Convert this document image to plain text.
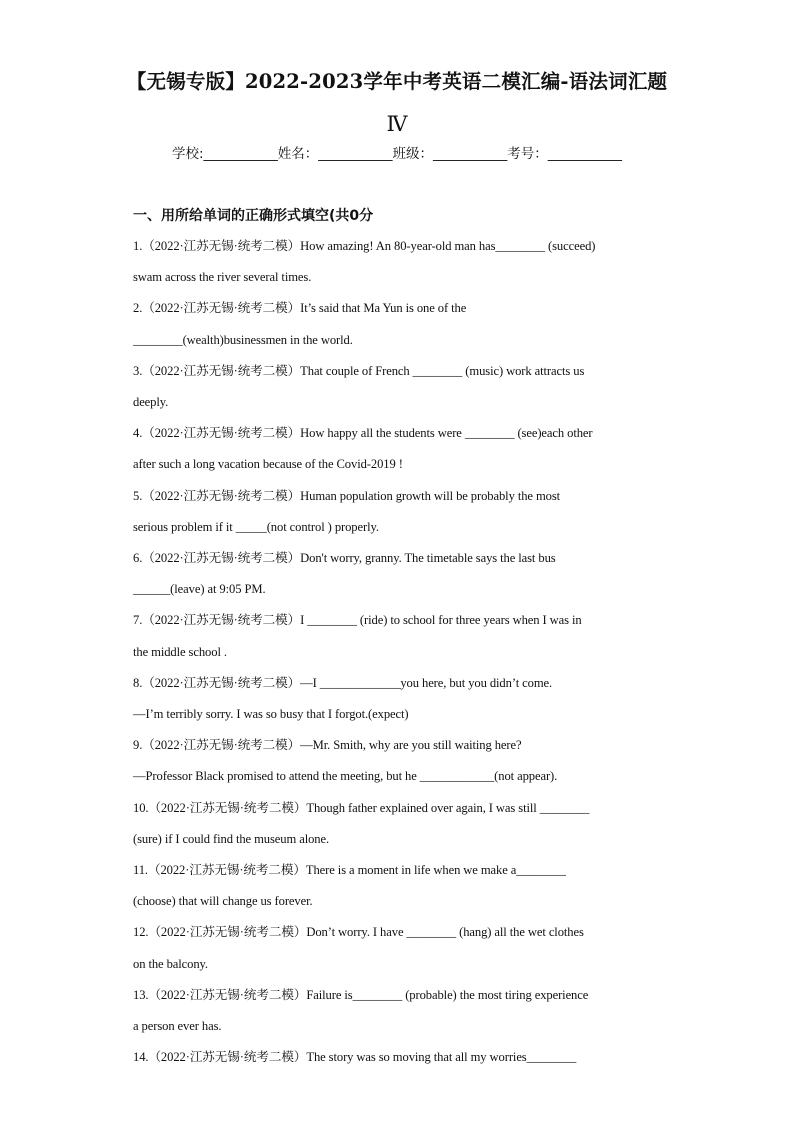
【无锡专版】2022-2023学年中考英语二模汇编-语法词汇题
Ⅳ
学校:___________姓名：___________班级：___________考号：___________
一、用所给单词的正确形式填空(共0分
1.（2022·江苏无锡·统考二模）How amazing! An 80-year-old man has________ (succeed)
swam across the river several times.
2.（2022·江苏无锡·统考二模）It’s said that Ma Yun is one of the
________(wealth)businessmen in the world.
3.（2022·江苏无锡·统考二模）That couple of French ________ (music) work attracts us
deeply.
4.（2022·江苏无锡·统考二模）How happy all the students were ________ (see)each other
after such a long vacation because of the Covid-2019 !
5.（2022·江苏无锡·统考二模）Human population growth will be probably the most
serious problem if it _____(not control ) properly.
6.（2022·江苏无锡·统考二模）Don't worry, granny. The timetable says the last bus
______(leave) at 9:05 PM.
7.（2022·江苏无锡·统考二模）I ________ (ride) to school for three years when I was in
the middle school .
8.（2022·江苏无锡·统考二模）—I _____________you here, but you didn’t come.
—I’m terribly sorry. I was so busy that I forgot.(expect)
9.（2022·江苏无锡·统考二模）—Mr. Smith, why are you still waiting here?
—Professor Black promised to attend the meeting, but he ____________(not appear).
10.（2022·江苏无锡·统考二模）Though father explained over again, I was still ________
(sure) if I could find the museum alone.
11.（2022·江苏无锡·统考二模）There is a moment in life when we make a________
(choose) that will change us forever.
12.（2022·江苏无锡·统考二模）Don’t worry. I have ________ (hang) all the wet clothes
on the balcony.
13.（2022·江苏无锡·统考二模）Failure is________ (probable) the most tiring experience
a person ever has.
14.（2022·江苏无锡·统考二模）The story was so moving that all my worries________
